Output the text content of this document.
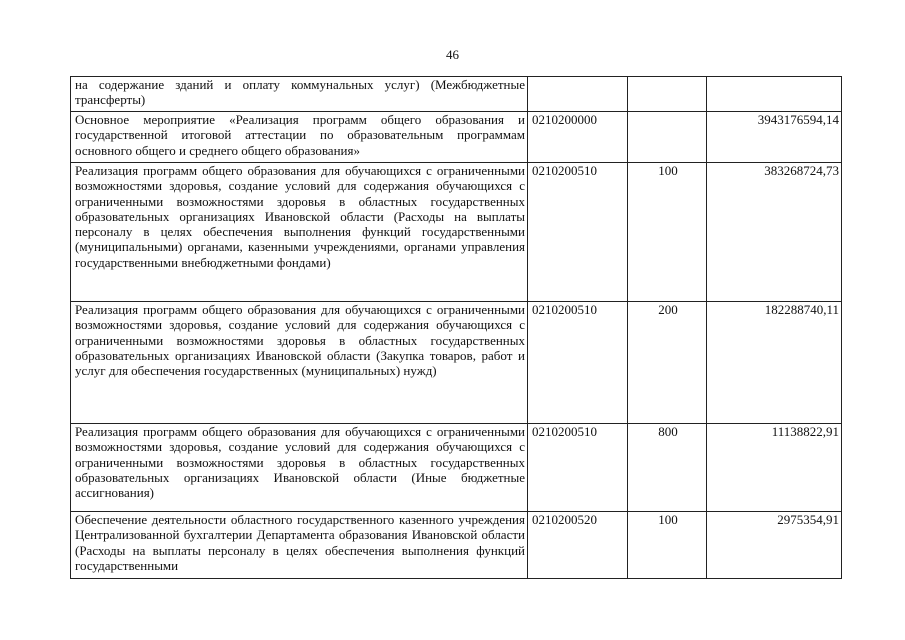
46
на содержание зданий и оплату коммунальных услуг) (Межбюджетные трансферты)			
Основное мероприятие «Реализация программ общего образования и государственной итоговой аттестации по образовательным программам основного общего и среднего общего образования»	0210200000		3943176594,14
Реализация программ общего образования для обучающихся с ограниченными возможностями здоровья, создание условий для содержания обучающихся с ограниченными возможностями здоровья в областных государственных образовательных организациях Ивановской области (Расходы на выплаты персоналу в целях обеспечения выполнения функций государственными (муниципальными) органами, казенными учреждениями, органами управления государственными внебюджетными фондами)	0210200510	100	383268724,73
Реализация программ общего образования для обучающихся с ограниченными возможностями здоровья, создание условий для содержания обучающихся с ограниченными возможностями здоровья в областных государственных образовательных организациях Ивановской области (Закупка товаров, работ и услуг для обеспечения государственных (муниципальных) нужд)	0210200510	200	182288740,11
Реализация программ общего образования для обучающихся с ограниченными возможностями здоровья, создание условий для содержания обучающихся с ограниченными возможностями здоровья в областных государственных образовательных организациях Ивановской области (Иные бюджетные ассигнования)	0210200510	800	11138822,91
Обеспечение деятельности областного государственного казенного учреждения Централизованной бухгалтерии Департамента образования Ивановской области (Расходы на выплаты персоналу в целях обеспечения выполнения функций государственными	0210200520	100	2975354,91
